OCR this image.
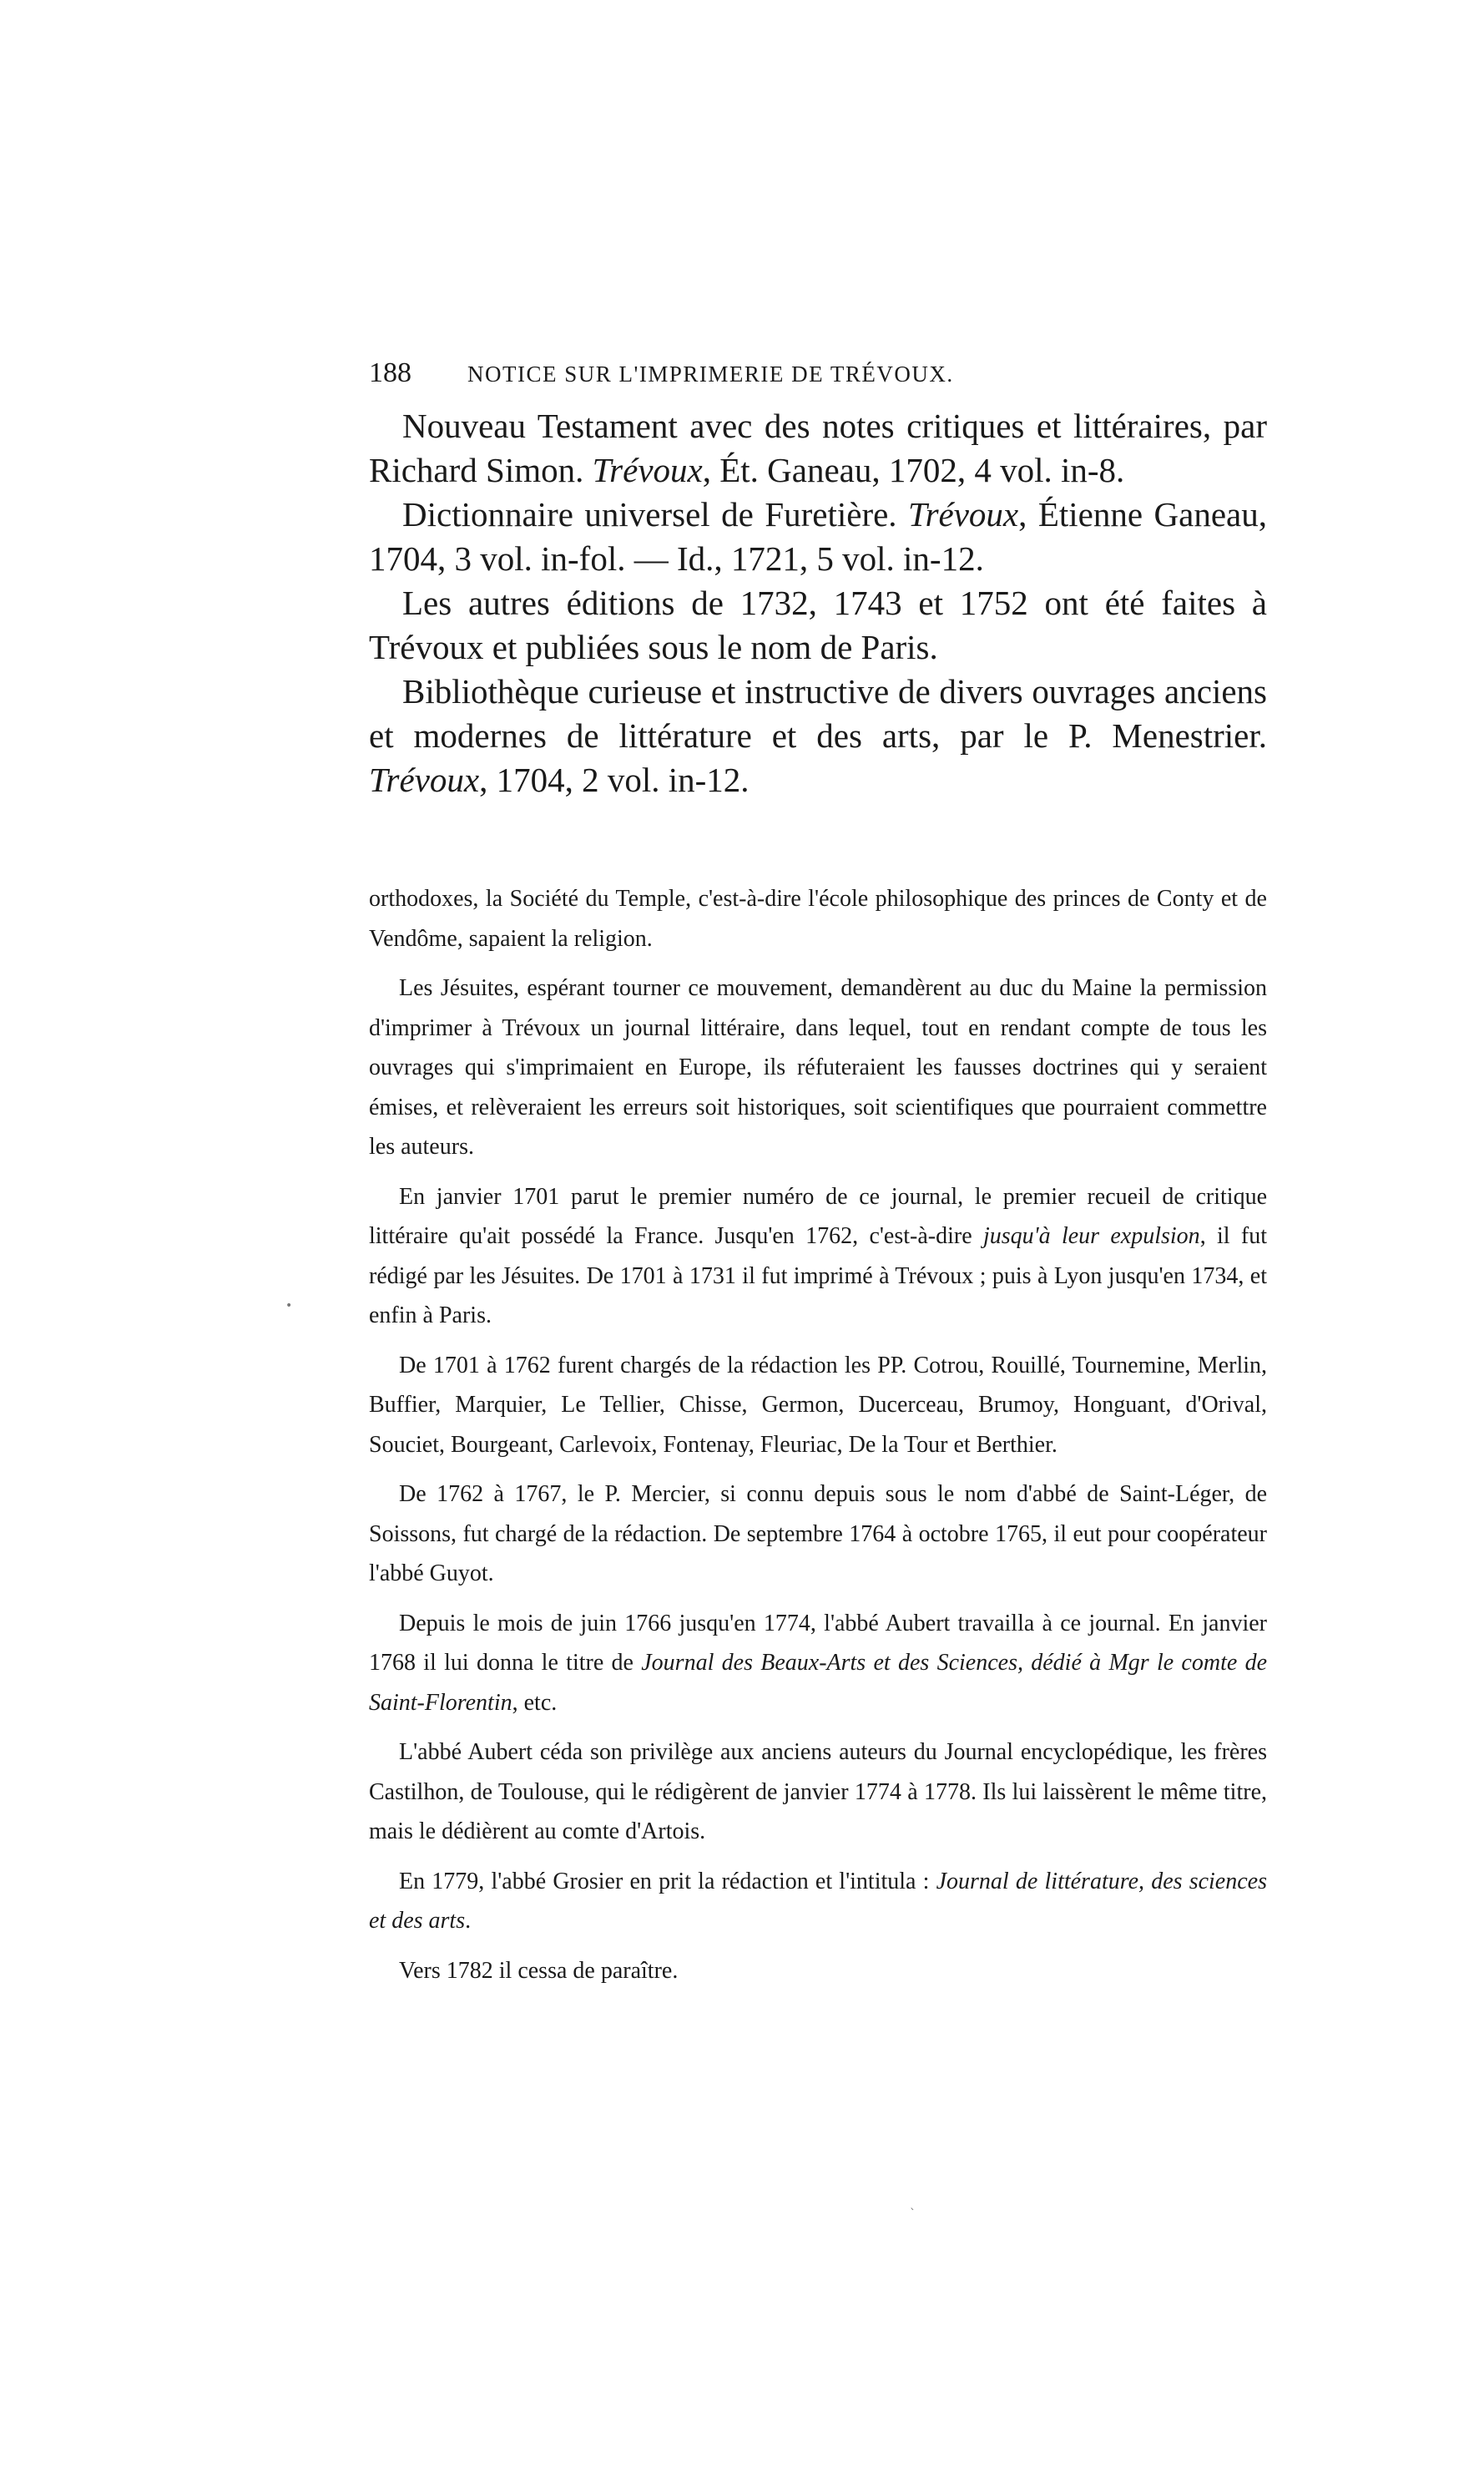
•
`
188	NOTICE SUR L'IMPRIMERIE DE TRÉVOUX.

Nouveau Testament avec des notes critiques et littéraires, par Richard Simon. Trévoux, Ét. Ganeau, 1702, 4 vol. in-8.

Dictionnaire universel de Furetière. Trévoux, Étienne Ganeau, 1704, 3 vol. in-fol. — Id., 1721, 5 vol. in-12.

Les autres éditions de 1732, 1743 et 1752 ont été faites à Trévoux et publiées sous le nom de Paris.

Bibliothèque curieuse et instructive de divers ouvrages anciens et modernes de littérature et des arts, par le P. Menestrier. Trévoux, 1704, 2 vol. in-12.

orthodoxes, la Société du Temple, c'est-à-dire l'école philosophique des princes de Conty et de Vendôme, sapaient la religion.

Les Jésuites, espérant tourner ce mouvement, demandèrent au duc du Maine la permission d'imprimer à Trévoux un journal littéraire, dans lequel, tout en rendant compte de tous les ouvrages qui s'imprimaient en Europe, ils réfuteraient les fausses doctrines qui y seraient émises, et relèveraient les erreurs soit historiques, soit scientifiques que pourraient commettre les auteurs.

En janvier 1701 parut le premier numéro de ce journal, le premier recueil de critique littéraire qu'ait possédé la France. Jusqu'en 1762, c'est-à-dire jusqu'à leur expulsion, il fut rédigé par les Jésuites. De 1701 à 1731 il fut imprimé à Trévoux ; puis à Lyon jusqu'en 1734, et enfin à Paris.

De 1701 à 1762 furent chargés de la rédaction les PP. Cotrou, Rouillé, Tournemine, Merlin, Buffier, Marquier, Le Tellier, Chisse, Germon, Ducerceau, Brumoy, Honguant, d'Orival, Souciet, Bourgeant, Carlevoix, Fontenay, Fleuriac, De la Tour et Berthier.

De 1762 à 1767, le P. Mercier, si connu depuis sous le nom d'abbé de Saint-Léger, de Soissons, fut chargé de la rédaction. De septembre 1764 à octobre 1765, il eut pour coopérateur l'abbé Guyot.

Depuis le mois de juin 1766 jusqu'en 1774, l'abbé Aubert travailla à ce journal. En janvier 1768 il lui donna le titre de Journal des Beaux-Arts et des Sciences, dédié à Mgr le comte de Saint-Florentin, etc.

L'abbé Aubert céda son privilège aux anciens auteurs du Journal encyclopédique, les frères Castilhon, de Toulouse, qui le rédigèrent de janvier 1774 à 1778. Ils lui laissèrent le même titre, mais le dédièrent au comte d'Artois.

En 1779, l'abbé Grosier en prit la rédaction et l'intitula : Journal de littérature, des sciences et des arts.

Vers 1782 il cessa de paraître.
